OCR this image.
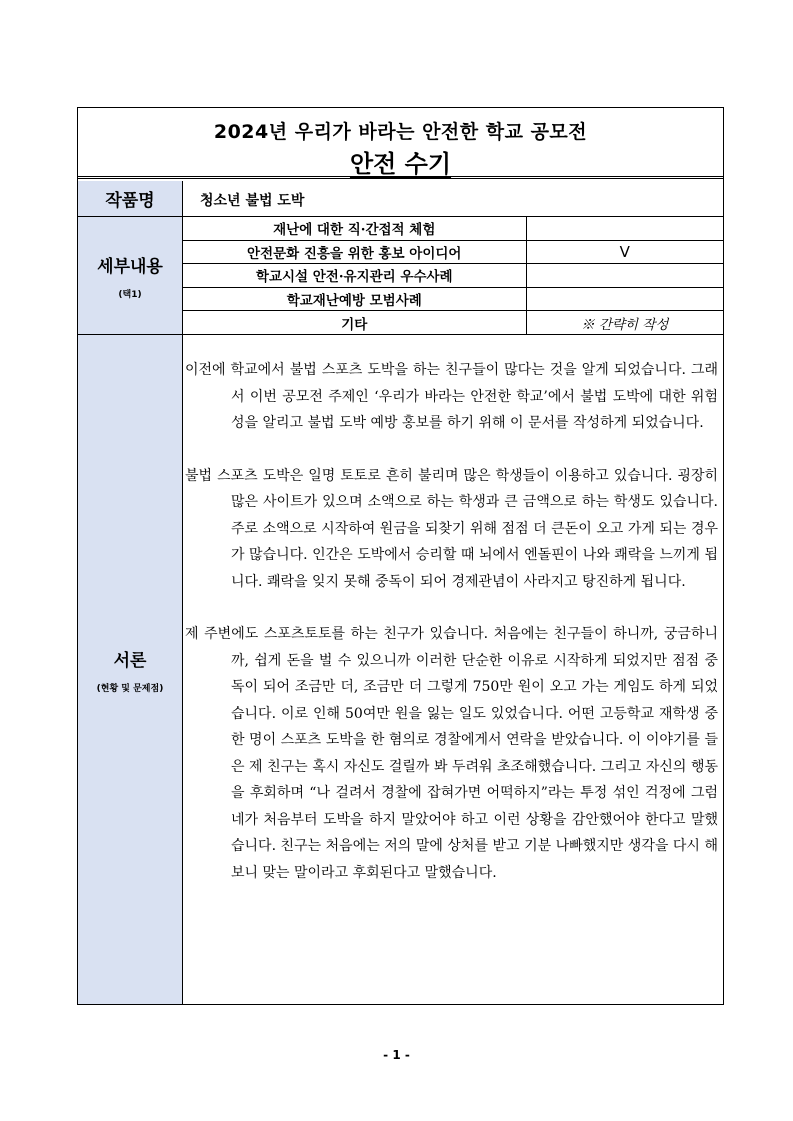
2024년 우리가 바라는 안전한 학교 공모전
안전 수기
작품명	청소년 불법 도박
세부내용
(택1)
재난에 대한 직·간접적 체험	
안전문화 진흥을 위한 홍보 아이디어	V
학교시설 안전·유지관리 우수사례	
학교재난예방 모범사례	
기타	※ 간략히 작성
서론
(현황 및 문제점)

이전에 학교에서 불법 스포츠 도박을 하는 친구들이 많다는 것을 알게 되었습니다. 그래서 이번 공모전 주제인 ‘우리가 바라는 안전한 학교’에서 불법 도박에 대한 위험성을 알리고 불법 도박 예방 홍보를 하기 위해 이 문서를 작성하게 되었습니다.

불법 스포츠 도박은 일명 토토로 흔히 불리며 많은 학생들이 이용하고 있습니다. 굉장히 많은 사이트가 있으며 소액으로 하는 학생과 큰 금액으로 하는 학생도 있습니다. 주로 소액으로 시작하여 원금을 되찾기 위해 점점 더 큰돈이 오고 가게 되는 경우가 많습니다. 인간은 도박에서 승리할 때 뇌에서 엔돌핀이 나와 쾌락을 느끼게 됩니다. 쾌락을 잊지 못해 중독이 되어 경제관념이 사라지고 탕진하게 됩니다.

제 주변에도 스포츠토토를 하는 친구가 있습니다. 처음에는 친구들이 하니까, 궁금하니까, 쉽게 돈을 벌 수 있으니까 이러한 단순한 이유로 시작하게 되었지만 점점 중독이 되어 조금만 더, 조금만 더 그렇게 750만 원이 오고 가는 게임도 하게 되었습니다. 이로 인해 50여만 원을 잃는 일도 있었습니다. 어떤 고등학교 재학생 중 한 명이 스포츠 도박을 한 혐의로 경찰에게서 연락을 받았습니다. 이 이야기를 들은 제 친구는 혹시 자신도 걸릴까 봐 두려워 초조해했습니다. 그리고 자신의 행동을 후회하며 “나 걸려서 경찰에 잡혀가면 어떡하지”라는 투정 섞인 걱정에 그럼 네가 처음부터 도박을 하지 말았어야 하고 이런 상황을 감안했어야 한다고 말했습니다. 친구는 처음에는 저의 말에 상처를 받고 기분 나빠했지만 생각을 다시 해보니 맞는 말이라고 후회된다고 말했습니다.

- 1 -
